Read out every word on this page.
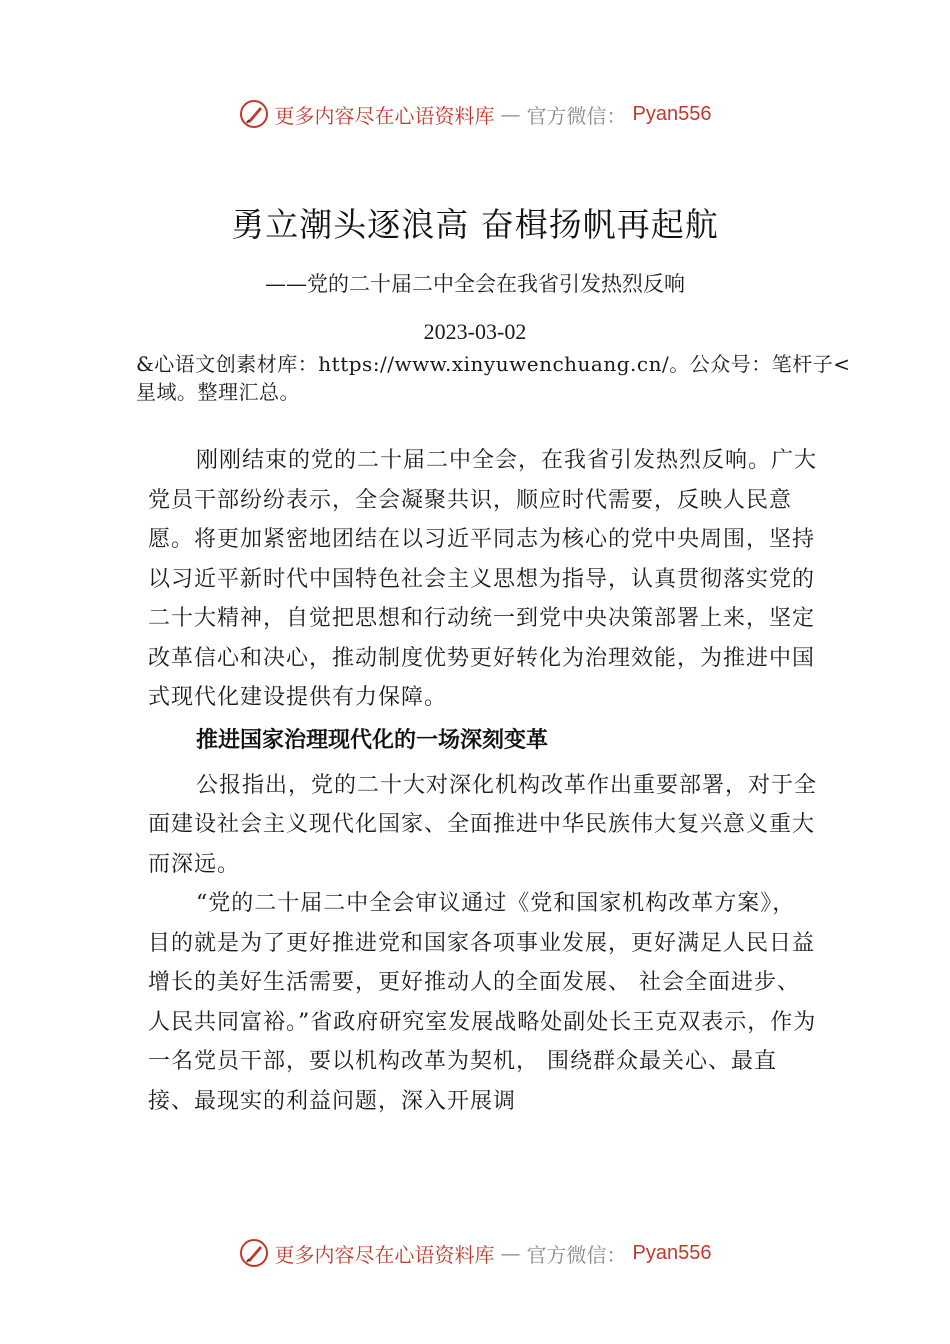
更多内容尽在心语资料库 — 官方微信： Pyan556
勇立潮头逐浪高 奋楫扬帆再起航
——党的二十届二中全会在我省引发热烈反响
2023-03-02
&心语文创素材库：https://www.xinyuwenchuang.cn/。公众号：笔杆子<星域。整理汇总。

刚刚结束的党的二十届二中全会，在我省引发热烈反响。广大党员干部纷纷表示，全会凝聚共识，顺应时代需要，反映人民意愿。将更加紧密地团结在以习近平同志为核心的党中央周围，坚持以习近平新时代中国特色社会主义思想为指导，认真贯彻落实党的二十大精神，自觉把思想和行动统一到党中央决策部署上来，坚定改革信心和决心，推动制度优势更好转化为治理效能，为推进中国式现代化建设提供有力保障。

推进国家治理现代化的一场深刻变革

公报指出，党的二十大对深化机构改革作出重要部署，对于全面建设社会主义现代化国家、全面推进中华民族伟大复兴意义重大而深远。

“党的二十届二中全会审议通过《党和国家机构改革方案》，目的就是为了更好推进党和国家各项事业发展，更好满足人民日益增长的美好生活需要，更好推动人的全面发展、 社会全面进步、人民共同富裕。”省政府研究室发展战略处副处长王克双表示，作为一名党员干部，要以机构改革为契机， 围绕群众最关心、最直接、最现实的利益问题，深入开展调

更多内容尽在心语资料库 — 官方微信： Pyan556
